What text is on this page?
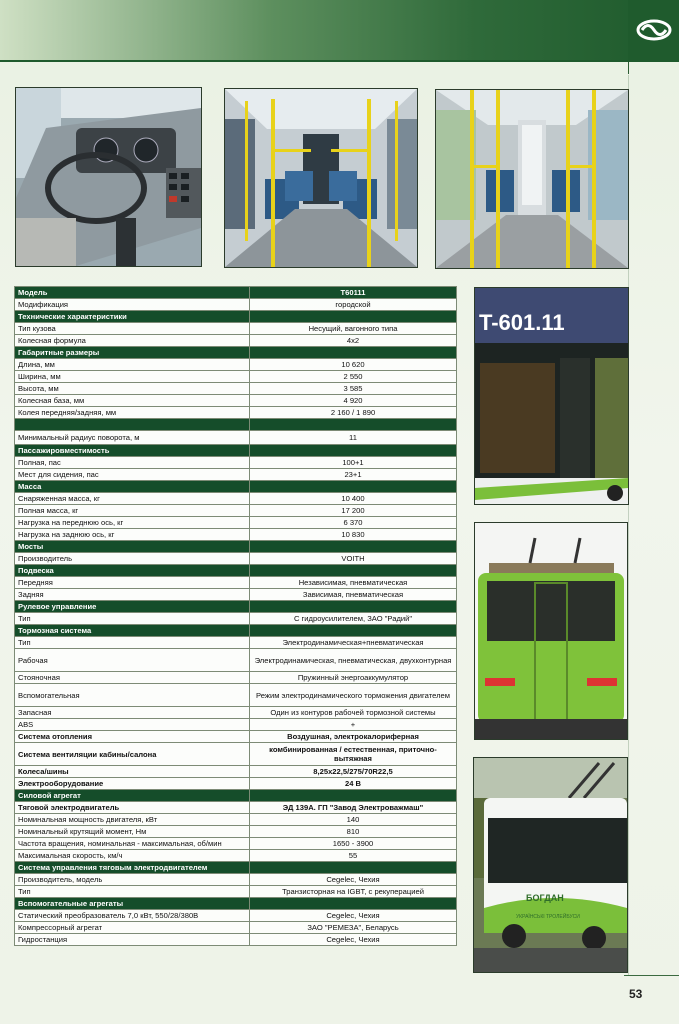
T-601.11
БОГДАН
УКРАЇНСЬКІ ТРОЛЕЙБУСИ
Модель	Т60111
Модификация	городской
Технические характеристики	
Тип кузова	Несущий, вагонного типа
Колесная формула	4x2
Габаритные размеры	
Длина, мм	10 620
Ширина, мм	2 550
Высота, мм	3 585
Колесная база, мм	4 920
Колея передняя/задняя, мм	2 160 / 1 890

Минимальный радиус поворота, м	11
Пассажировместимость	
Полная, пас	100+1
Мест для сидения, пас	23+1
Масса	
Снаряженная масса, кг	10 400
Полная масса, кг	17 200
Нагрузка на переднюю ось, кг	6 370
Нагрузка на заднюю ось, кг	10 830
Мосты	
Производитель	VOITH
Подвеска	
Передняя	Независимая, пневматическая
Задняя	Зависимая, пневматическая
Рулевое управление	
Тип	С гидроусилителем, ЗАО "Радий"
Тормозная система	
Тип	Электродинамическая+пневматическая
Рабочая	Электродинамическая, пневматическая, двухконтурная
Стояночная	Пружинный энергоаккумулятор
Вспомогательная	Режим электродинамического торможения двигателем
Запасная	Один из контуров рабочей тормозной системы
ABS	+
Система отопления	Воздушная, электрокалориферная
Система вентиляции кабины/салона	комбинированная / естественная, приточно-вытяжная
Колеса/шины	8,25x22,5/275/70R22,5
Электрооборудование	24 В
Силовой агрегат	
Тяговой электродвигатель	ЭД 139А. ГП "Завод Электроважмаш"
Номинальная мощность двигателя, кВт	140
Номинальный крутящий момент, Нм	810
Частота вращения, номинальная - максимальная, об/мин	1650 - 3900
Максимальная скорость, км/ч	55
Система управления тяговым электродвигателем	
Производитель, модель	Cegelec, Чехия
Тип	Транзисторная на IGBT, с рекуперацией
Вспомогательные агрегаты	
Статический преобразователь 7,0 кВт, 550/28/380В	Cegelec, Чехия
Компрессорный агрегат	ЗАО "РЕМЕЗА", Беларусь
Гидростанция	Cegelec, Чехия
53
